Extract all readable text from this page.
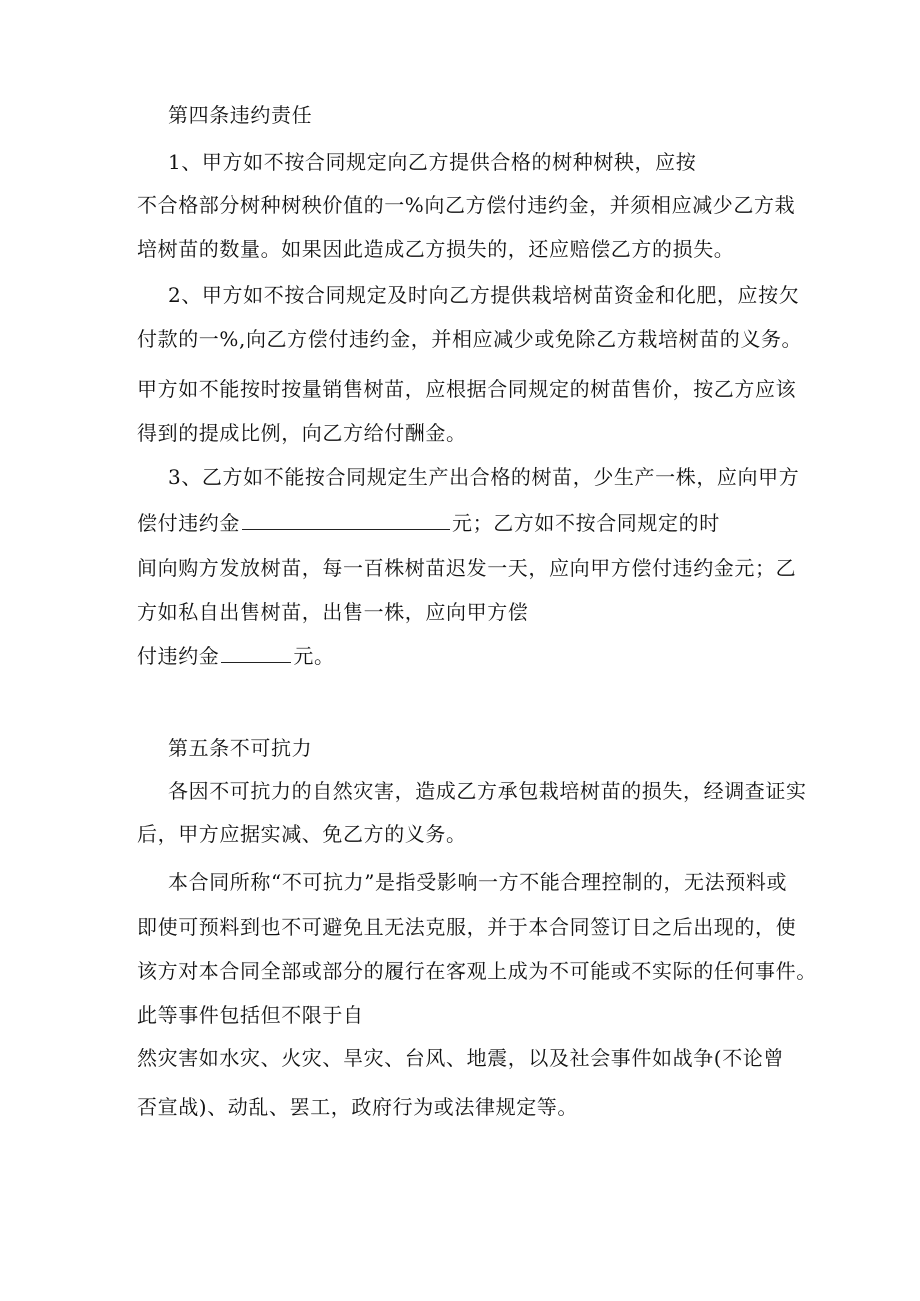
第四条违约责任
1、甲方如不按合同规定向乙方提供合格的树种树秧，应按
不合格部分树种树秧价值的一%向乙方偿付违约金，并须相应减少乙方栽
培树苗的数量。如果因此造成乙方损失的，还应赔偿乙方的损失。
2、甲方如不按合同规定及时向乙方提供栽培树苗资金和化肥，应按欠
付款的一%,向乙方偿付违约金，并相应减少或免除乙方栽培树苗的义务。
甲方如不能按时按量销售树苗，应根据合同规定的树苗售价，按乙方应该
得到的提成比例，向乙方给付酬金。
3、乙方如不能按合同规定生产出合格的树苗，少生产一株，应向甲方
偿付违约金	元；乙方如不按合同规定的时
间向购方发放树苗，每一百株树苗迟发一天，应向甲方偿付违约金元；乙
方如私自出售树苗，出售一株，应向甲方偿
付违约金	元。
第五条不可抗力
各因不可抗力的自然灾害，造成乙方承包栽培树苗的损失，经调查证实
后，甲方应据实减、免乙方的义务。
本合同所称“不可抗力”是指受影响一方不能合理控制的，无法预料或
即使可预料到也不可避免且无法克服，并于本合同签订日之后出现的，使
该方对本合同全部或部分的履行在客观上成为不可能或不实际的任何事件。
此等事件包括但不限于自
然灾害如水灾、火灾、旱灾、台风、地震，以及社会事件如战争(不论曾
否宣战)、动乱、罢工，政府行为或法律规定等。
